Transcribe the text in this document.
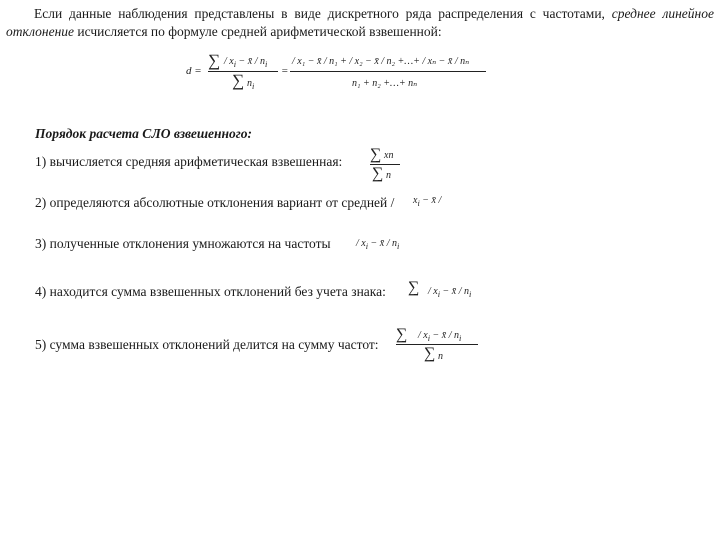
Если данные наблюдения представлены в виде дискретного ряда распределения с частотами, среднее линейное отклонение исчисляется по формуле средней арифметической взвешенной:
d =
∑ / $x_i$ − x̄ / $n_i$
∑ $n_i$
=
/ x₁ − x̄ / n₁ + / x₂ − x̄ / n₂ +…+ / xₙ − x̄ / nₙ
n₁ + n₂ +…+ nₙ
Порядок расчета СЛО взвешенного:
1) вычисляется средняя арифметическая взвешенная: ∑ xn
∑ n
2) определяются абсолютные отклонения вариант от средней / $x_i$ − x̄ /
3) полученные отклонения умножаются на частоты	/ $x_i$ − x̄ / $n_i$
4) находится сумма взвешенных отклонений без учета знака: ∑ / $x_i$ − x̄ / $n_i$
5) сумма взвешенных отклонений делится на сумму частот:
∑ / $x_i$ − x̄ / $n_i$
∑ n
